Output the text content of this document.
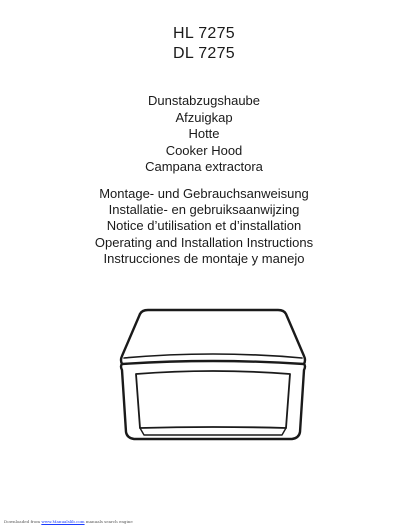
HL 7275
DL 7275
Dunstabzugshaube
Afzuigkap
Hotte
Cooker Hood
Campana extractora
Montage- und Gebrauchsanweisung
Installatie- en gebruiksaanwijzing
Notice d’utilisation et d’installation
Operating and Installation Instructions
Instrucciones de montaje y manejo
Downloaded from www.Manualslib.com manuals search engine
